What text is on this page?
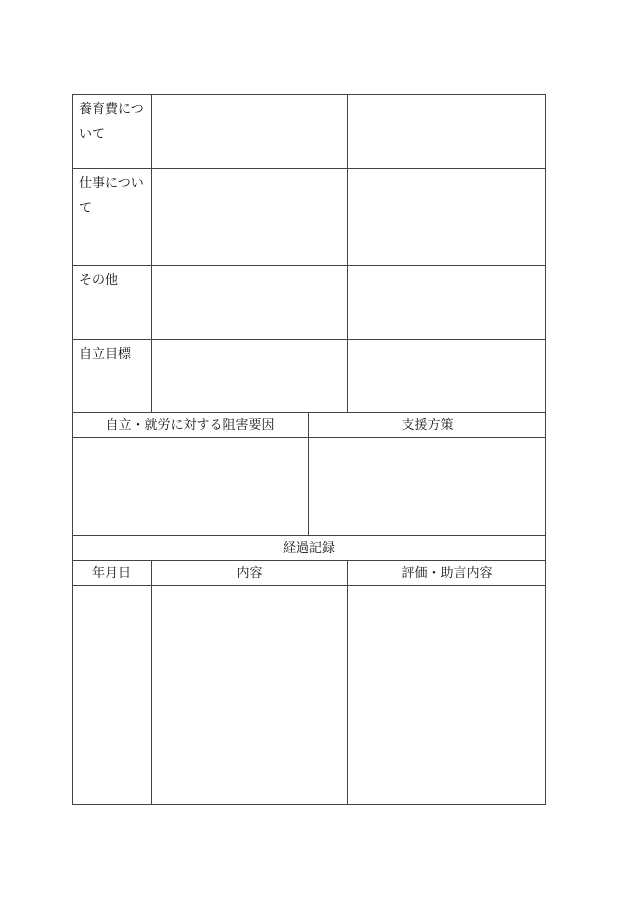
養育費について
仕事について
その他
自立目標
自立・就労に対する阻害要因	支援方策
経過記録
年月日	内容	評価・助言内容
